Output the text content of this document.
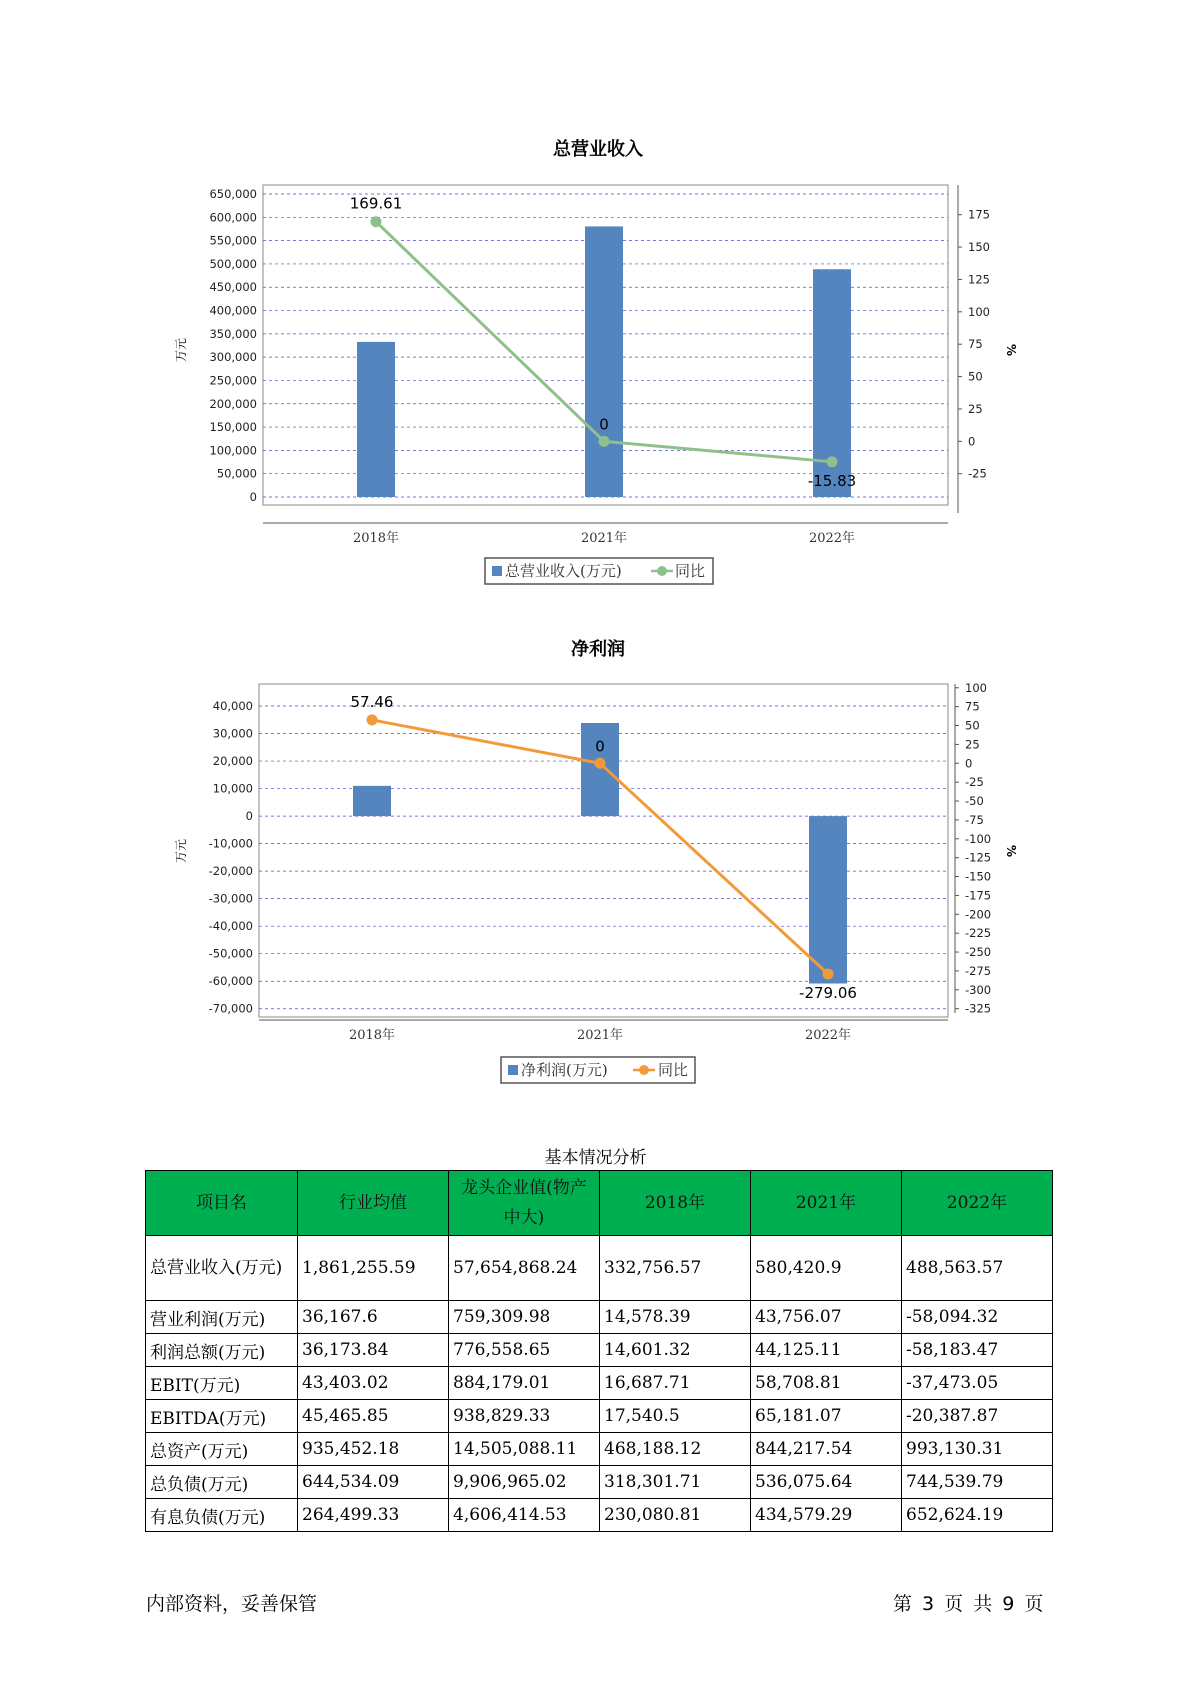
总营业收入
169.61
0
-15.83
0
50,000
100,000
150,000
200,000
250,000
300,000
350,000
400,000
450,000
500,000
550,000
600,000
650,000
-25
0
25
50
75
100
125
150
175
2018年	2021年	2022年
万元	%
总营业收入(万元)	同比
净利润
57.46
0
-279.06
-70,000
-60,000
-50,000
-40,000
-30,000
-20,000
-10,000
0
10,000
20,000
30,000
40,000
-325
-300
-275
-250
-225
-200
-175
-150
-125
-100
-75
-50
-25
0
25
50
75
100
2018年	2021年	2022年
万元	%
净利润(万元)	同比
基本情况分析
项目名	行业均值	龙头企业值(物产中大)	2018年	2021年	2022年
总营业收入(万元)	1,861,255.59	57,654,868.24	332,756.57	580,420.9	488,563.57
营业利润(万元)	36,167.6	759,309.98	14,578.39	43,756.07	-58,094.32
利润总额(万元)	36,173.84	776,558.65	14,601.32	44,125.11	-58,183.47
EBIT(万元)	43,403.02	884,179.01	16,687.71	58,708.81	-37,473.05
EBITDA(万元)	45,465.85	938,829.33	17,540.5	65,181.07	-20,387.87
总资产(万元)	935,452.18	14,505,088.11	468,188.12	844,217.54	993,130.31
总负债(万元)	644,534.09	9,906,965.02	318,301.71	536,075.64	744,539.79
有息负债(万元)	264,499.33	4,606,414.53	230,080.81	434,579.29	652,624.19
内部资料，妥善保管	第 3 页 共 9 页
